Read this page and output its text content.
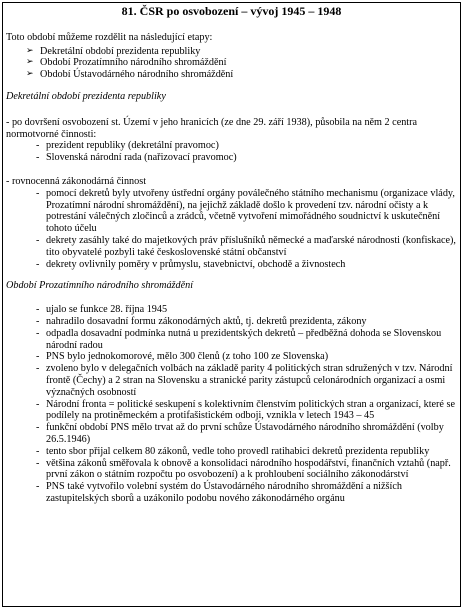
81. ČSR po osvobození – vývoj 1945 – 1948

Toto období můžeme rozdělit na následující etapy:

➢ Dekretální období prezidenta republiky
➢ Období Prozatímního národního shromáždění
➢ Období Ústavodárného národního shromáždění

Dekretální období prezidenta republiky

- po dovršení osvobození st. Území v jeho hranicích (ze dne 29. září 1938), působila na něm 2 centra normotvorné činnosti:

- prezident republiky (dekretální pravomoc)
- Slovenská národní rada (nařizovací pravomoc)

- rovnocenná zákonodárná činnost

- pomocí dekretů byly utvořeny ústřední orgány poválečného státního mechanismu (organizace vlády, Prozatímní národní shromáždění), na jejichž základě došlo k provedení tzv. národní očisty a k potrestání válečných zločinců a zrádců, včetně vytvoření mimořádného soudnictví k uskutečnění tohoto účelu
- dekrety zasáhly také do majetkových práv příslušníků německé a maďarské národnosti (konfiskace), tito obyvatelé pozbyli také československé státní občanství
- dekrety ovlivnily poměry v průmyslu, stavebnictví, obchodě a živnostech

Období Prozatímního národního shromáždění

- ujalo se funkce 28. října 1945
- nahradilo dosavadní formu zákonodárných aktů, tj. dekretů prezidenta, zákony
- odpadla dosavadní podmínka nutná u prezidentských dekretů – předběžná dohoda se Slovenskou národní radou
- PNS bylo jednokomorové, mělo 300 členů (z toho 100 ze Slovenska)
- zvoleno bylo v delegačních volbách na základě parity 4 politických stran sdružených v tzv. Národní frontě (Čechy) a 2 stran na Slovensku a stranické parity zástupců celonárodních organizací a osmi význačných osobností
- Národní fronta = politické seskupení s kolektivním členstvím politických stran a organizací, které se podílely na protiněmeckém a protifašistickém odboji, vznikla v letech 1943 – 45
- funkční období PNS mělo trvat až do první schůze Ústavodárného národního shromáždění (volby 26.5.1946)
- tento sbor přijal celkem 80 zákonů, vedle toho provedl ratihabici dekretů prezidenta republiky
- většina zákonů směřovala k obnově a konsolidaci národního hospodářství, finančních vztahů (např. první zákon o státním rozpočtu po osvobození) a k prohloubení sociálního zákonodárství
- PNS také vytvořilo volební systém do Ústavodárného národního shromáždění a nižších zastupitelských sborů a uzákonilo podobu nového zákonodárného orgánu
